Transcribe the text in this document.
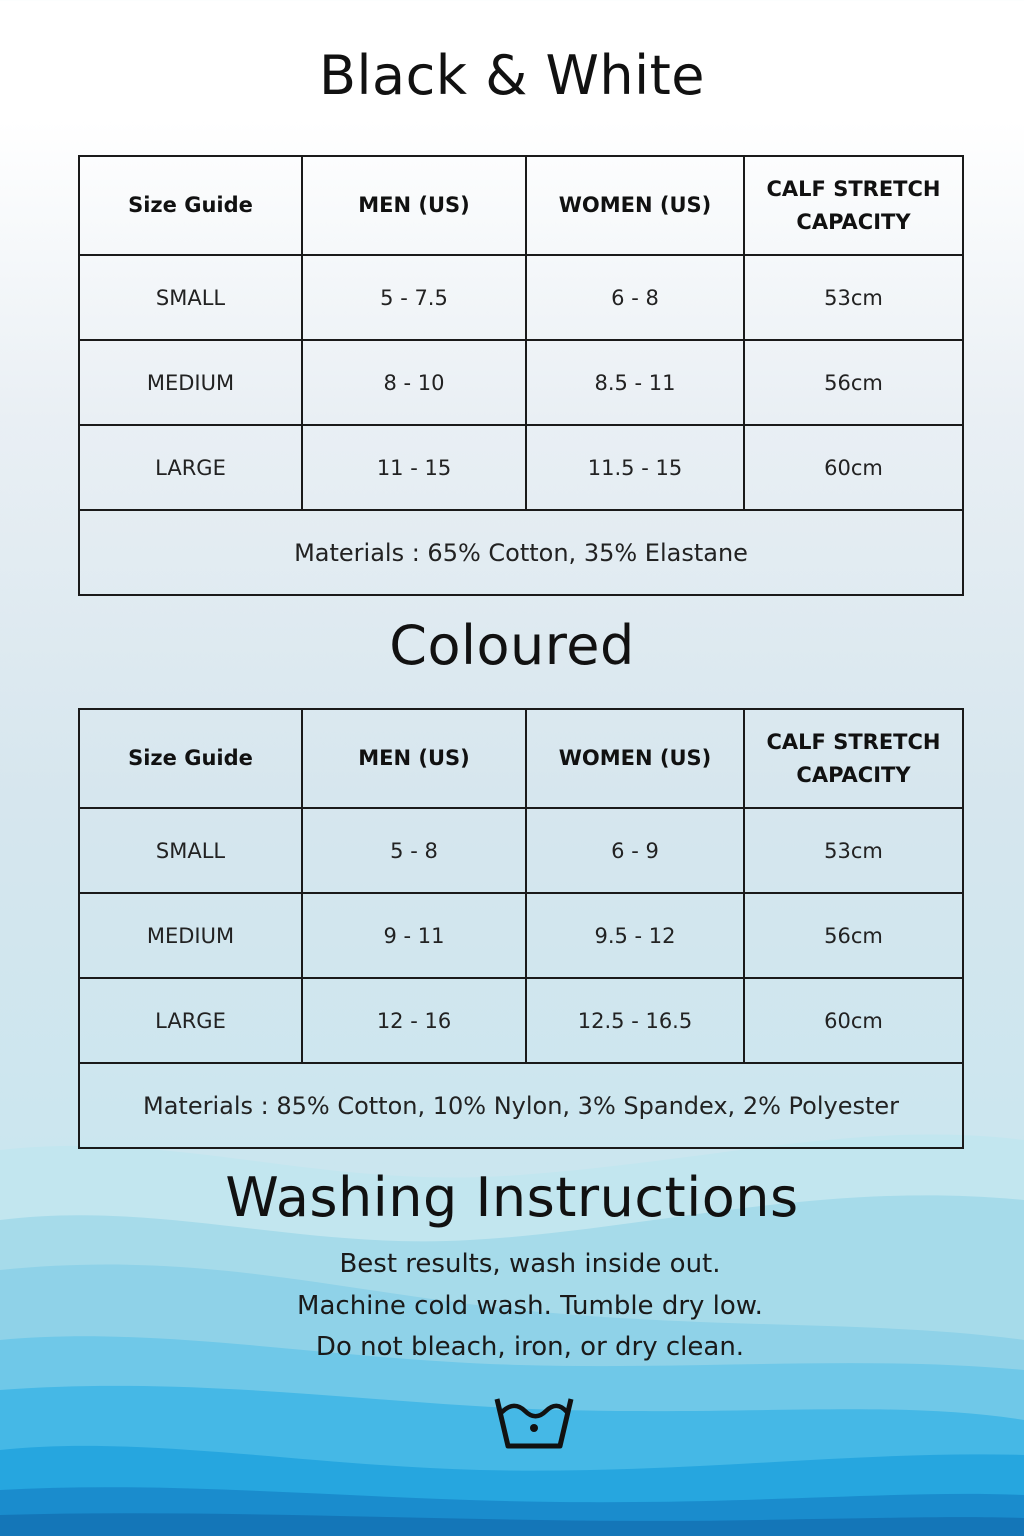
Black & White
Size Guide	MEN (US)	WOMEN (US)	CALF STRETCH CAPACITY
SMALL	5 - 7.5	6 - 8	53cm
MEDIUM	8 - 10	8.5 - 11	56cm
LARGE	11 - 15	11.5 - 15	60cm
Materials : 65% Cotton, 35% Elastane			
Coloured
Size Guide	MEN (US)	WOMEN (US)	CALF STRETCH CAPACITY
SMALL	5 - 8	6 - 9	53cm
MEDIUM	9 - 11	9.5 - 12	56cm
LARGE	12 - 16	12.5 - 16.5	60cm
Materials : 85% Cotton, 10% Nylon, 3% Spandex, 2% Polyester			
Washing Instructions

Best results, wash inside out.

Machine cold wash. Tumble dry low.

Do not bleach, iron, or dry clean.
